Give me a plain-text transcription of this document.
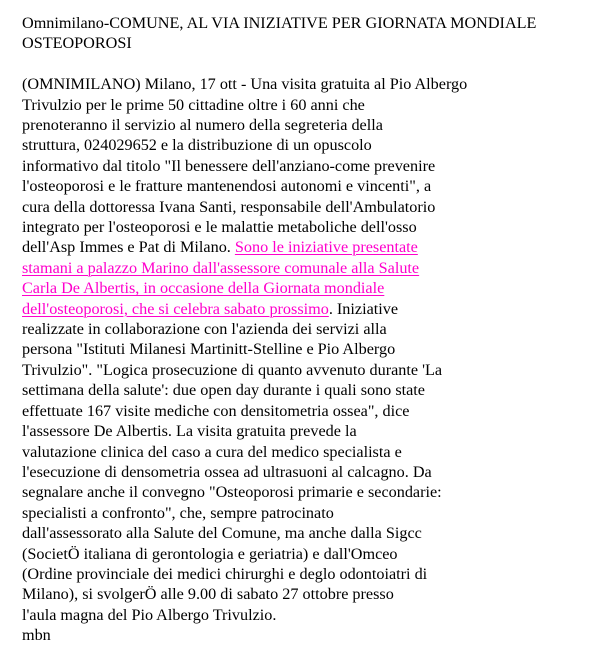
Omnimilano-COMUNE, AL VIA INIZIATIVE PER GIORNATA MONDIALE
OSTEOPOROSI
(OMNIMILANO) Milano, 17 ott - Una visita gratuita al Pio Albergo
Trivulzio per le prime 50 cittadine oltre i 60 anni che
prenoteranno il servizio al numero della segreteria della
struttura, 024029652 e la distribuzione di un opuscolo
informativo dal titolo "Il benessere dell'anziano-come prevenire
l'osteoporosi e le fratture mantenendosi autonomi e vincenti", a
cura della dottoressa Ivana Santi, responsabile dell'Ambulatorio
integrato per l'osteoporosi e le malattie metaboliche dell'osso
dell'Asp Immes e Pat di Milano. Sono le iniziative presentate
stamani a palazzo Marino dall'assessore comunale alla Salute
Carla De Albertis, in occasione della Giornata mondiale
dell'osteoporosi, che si celebra sabato prossimo. Iniziative
realizzate in collaborazione con l'azienda dei servizi alla
persona "Istituti Milanesi Martinitt-Stelline e Pio Albergo
Trivulzio". "Logica prosecuzione di quanto avvenuto durante 'La
settimana della salute': due open day durante i quali sono state
effettuate 167 visite mediche con densitometria ossea", dice
l'assessore De Albertis. La visita gratuita prevede la
valutazione clinica del caso a cura del medico specialista e
l'esecuzione di densometria ossea ad ultrasuoni al calcagno. Da
segnalare anche il convegno "Osteoporosi primarie e secondarie:
specialisti a confronto", che, sempre patrocinato
dall'assessorato alla Salute del Comune, ma anche dalla Sigcc
(SocietÖ italiana di gerontologia e geriatria) e dall'Omceo
(Ordine provinciale dei medici chirurghi e deglo odontoiatri di
Milano), si svolgerÖ alle 9.00 di sabato 27 ottobre presso
l'aula magna del Pio Albergo Trivulzio.
mbn
